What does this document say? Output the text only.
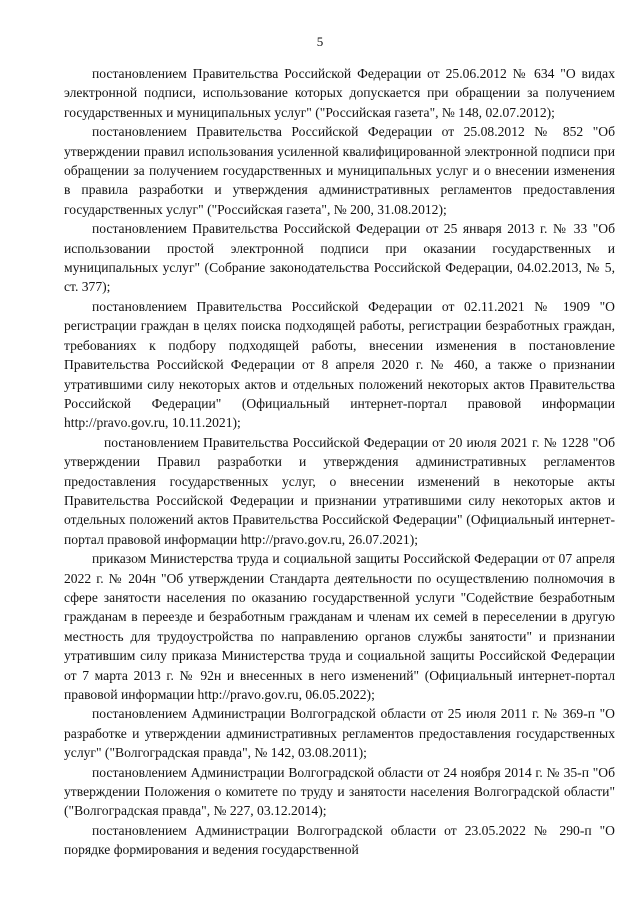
5

постановлением Правительства Российской Федерации от 25.06.2012 № 634 "О видах электронной подписи, использование которых допускается при обращении за получением государственных и муниципальных услуг" ("Российская газета", № 148, 02.07.2012);

постановлением Правительства Российской Федерации от 25.08.2012 № 852 "Об утверждении правил использования усиленной квалифицированной электронной подписи при обращении за получением государственных и муниципальных услуг и о внесении изменения в правила разработки и утверждения административных регламентов предоставления государственных услуг" ("Российская газета", № 200, 31.08.2012);

постановлением Правительства Российской Федерации от 25 января 2013 г. № 33 "Об использовании простой электронной подписи при оказании государственных и муниципальных услуг" (Собрание законодательства Российской Федерации, 04.02.2013, № 5, ст. 377);

постановлением Правительства Российской Федерации от 02.11.2021 № 1909 "О регистрации граждан в целях поиска подходящей работы, регистрации безработных граждан, требованиях к подбору подходящей работы, внесении изменения в постановление Правительства Российской Федерации от 8 апреля 2020 г. № 460, а также о признании утратившими силу некоторых актов и отдельных положений некоторых актов Правительства Российской Федерации" (Официальный интернет-портал правовой информации http://pravo.gov.ru, 10.11.2021);

постановлением Правительства Российской Федерации от 20 июля 2021 г. № 1228 "Об утверждении Правил разработки и утверждения административных регламентов предоставления государственных услуг, о внесении изменений в некоторые акты Правительства Российской Федерации и признании утратившими силу некоторых актов и отдельных положений актов Правительства Российской Федерации" (Официальный интернет-портал правовой информации http://pravo.gov.ru, 26.07.2021);

приказом Министерства труда и социальной защиты Российской Федерации от 07 апреля 2022 г. № 204н "Об утверждении Стандарта деятельности по осуществлению полномочия в сфере занятости населения по оказанию государственной услуги "Содействие безработным гражданам в переезде и безработным гражданам и членам их семей в переселении в другую местность для трудоустройства по направлению органов службы занятости" и признании утратившим силу приказа Министерства труда и социальной защиты Российской Федерации от 7 марта 2013 г. № 92н и внесенных в него изменений" (Официальный интернет-портал правовой информации http://pravo.gov.ru, 06.05.2022);

постановлением Администрации Волгоградской области от 25 июля 2011 г. № 369-п "О разработке и утверждении административных регламентов предоставления государственных услуг" ("Волгоградская правда", № 142, 03.08.2011);

постановлением Администрации Волгоградской области от 24 ноября 2014 г. № 35-п "Об утверждении Положения о комитете по труду и занятости населения Волгоградской области" ("Волгоградская правда", № 227, 03.12.2014);

постановлением Администрации Волгоградской области от 23.05.2022 № 290-п "О порядке формирования и ведения государственной
